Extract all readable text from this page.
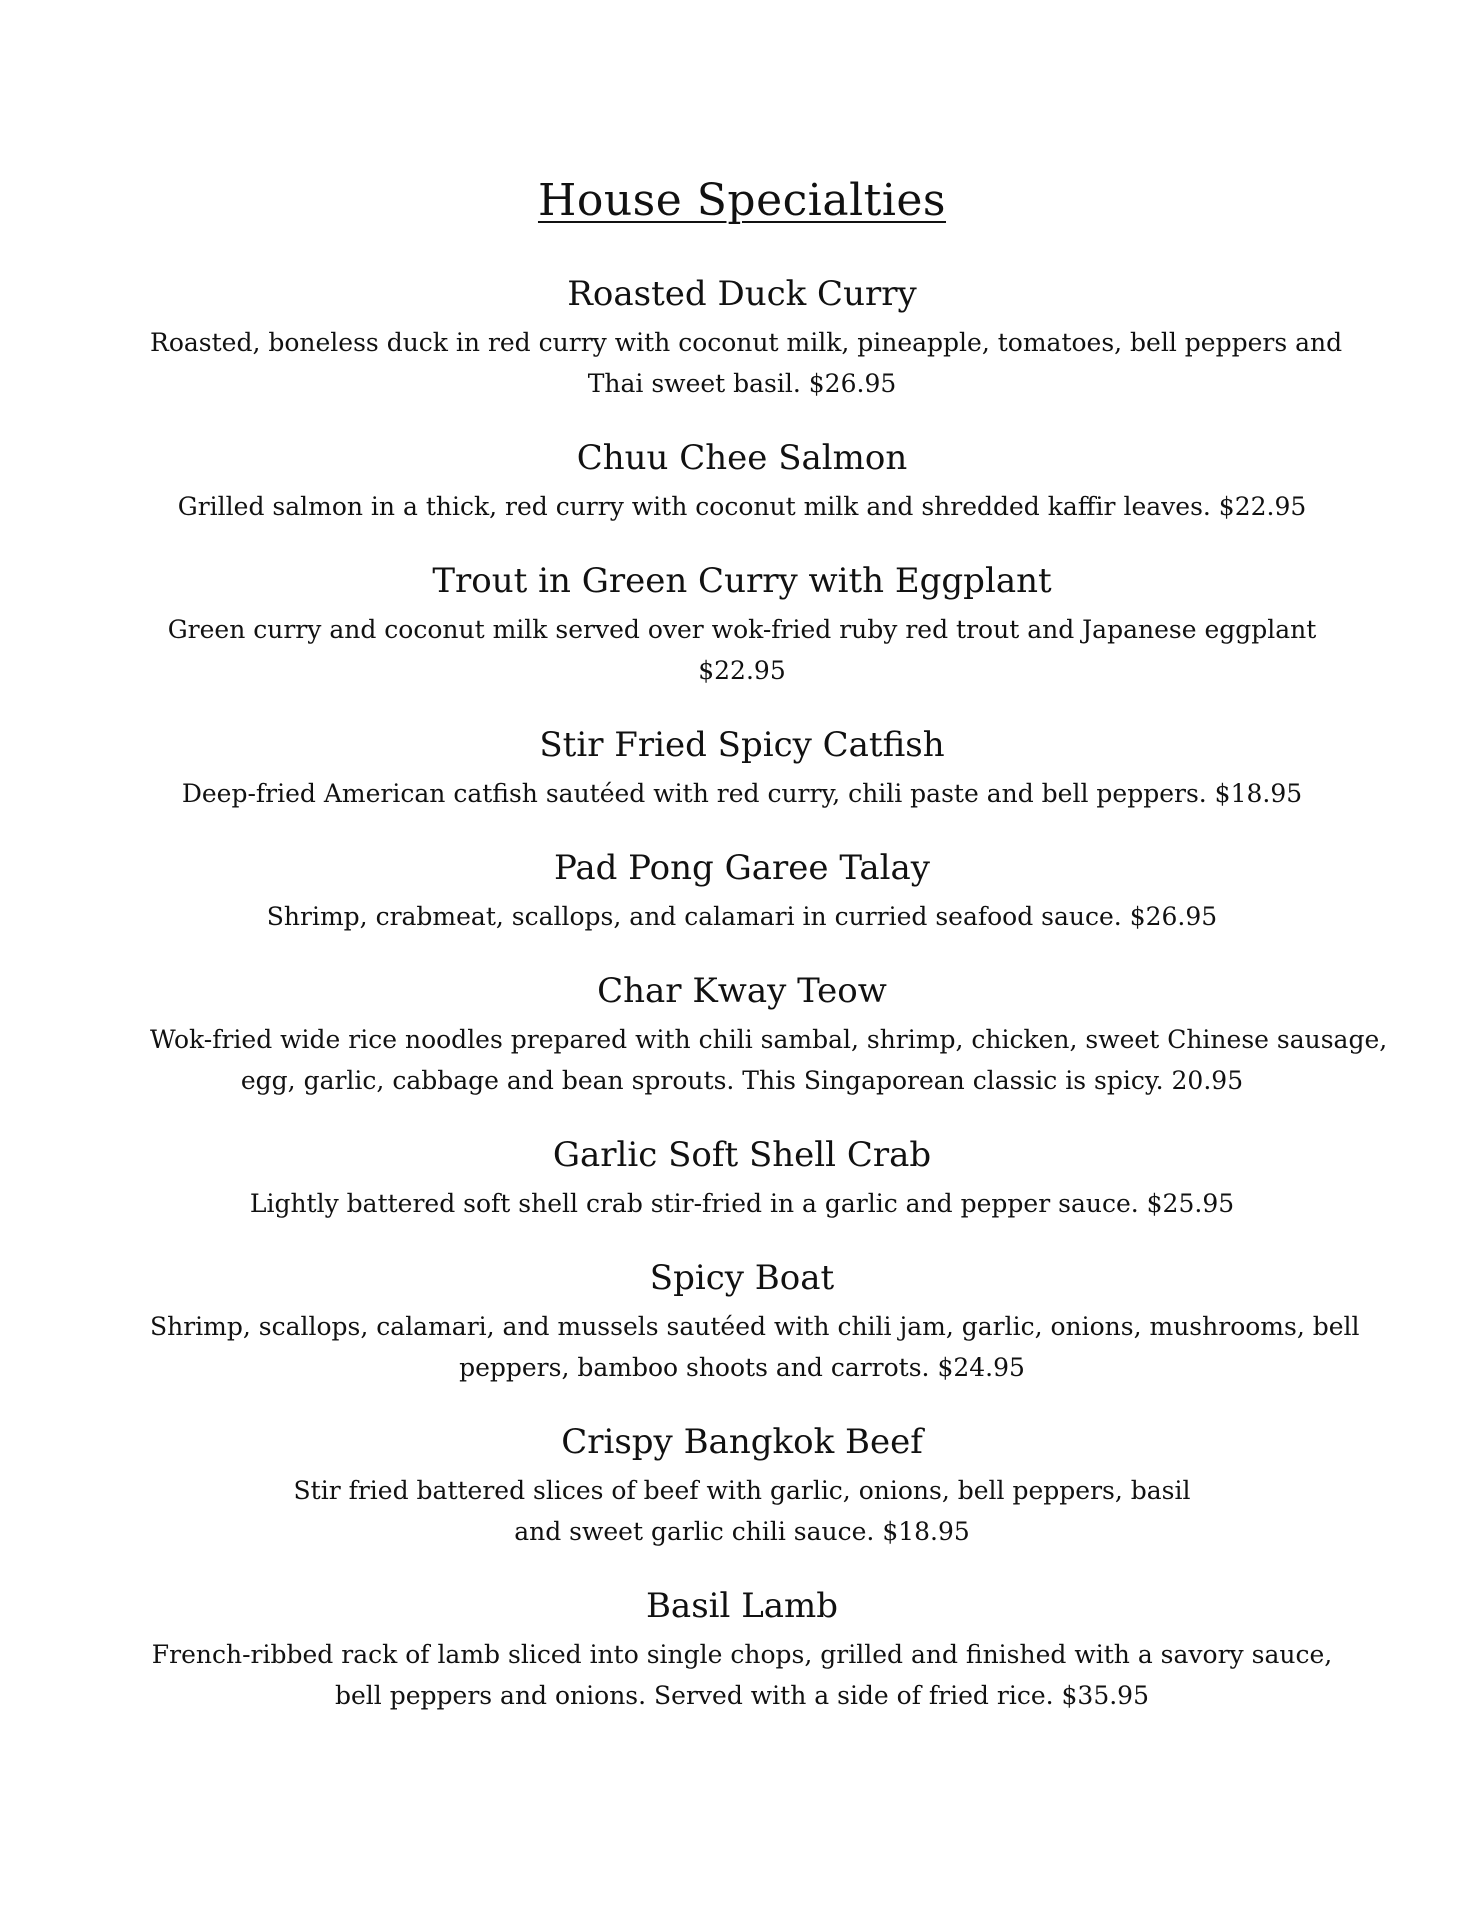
House Specialties
Roasted Duck Curry

Roasted, boneless duck in red curry with coconut milk, pineapple, tomatoes, bell peppers and
Thai sweet basil. $26.95

Chuu Chee Salmon

Grilled salmon in a thick, red curry with coconut milk and shredded kaffir leaves. $22.95

Trout in Green Curry with Eggplant

Green curry and coconut milk served over wok-fried ruby red trout and Japanese eggplant
$22.95

Stir Fried Spicy Catfish

Deep-fried American catfish sautéed with red curry, chili paste and bell peppers. $18.95

Pad Pong Garee Talay

Shrimp, crabmeat, scallops, and calamari in curried seafood sauce. $26.95

Char Kway Teow

Wok-fried wide rice noodles prepared with chili sambal, shrimp, chicken, sweet Chinese sausage,
egg, garlic, cabbage and bean sprouts. This Singaporean classic is spicy. 20.95

Garlic Soft Shell Crab

Lightly battered soft shell crab stir-fried in a garlic and pepper sauce. $25.95

Spicy Boat

Shrimp, scallops, calamari, and mussels sautéed with chili jam, garlic, onions, mushrooms, bell
peppers, bamboo shoots and carrots. $24.95

Crispy Bangkok Beef

Stir fried battered slices of beef with garlic, onions, bell peppers, basil
and sweet garlic chili sauce. $18.95

Basil Lamb

French-ribbed rack of lamb sliced into single chops, grilled and finished with a savory sauce,
bell peppers and onions. Served with a side of fried rice. $35.95
